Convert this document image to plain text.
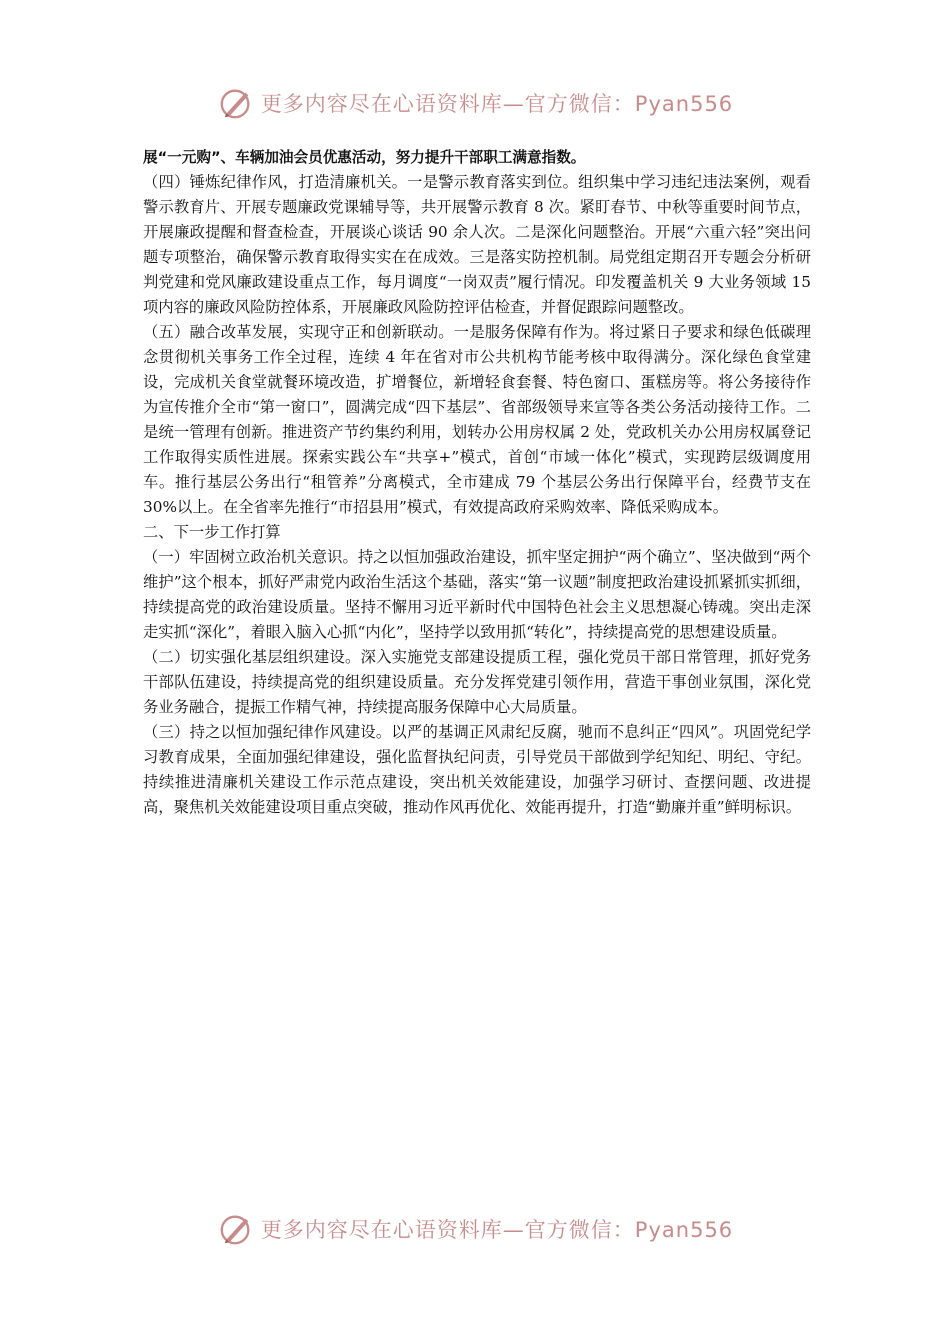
更多内容尽在心语资料库—官方微信：Pyan556

展“一元购”、车辆加油会员优惠活动，努力提升干部职工满意指数。

（四）锤炼纪律作风，打造清廉机关。一是警示教育落实到位。组织集中学习违纪违法案例，观看警示教育片、开展专题廉政党课辅导等，共开展警示教育 8 次。紧盯春节、中秋等重要时间节点，开展廉政提醒和督查检查，开展谈心谈话 90 余人次。二是深化问题整治。开展“六重六轻”突出问题专项整治，确保警示教育取得实实在在成效。三是落实防控机制。局党组定期召开专题会分析研判党建和党风廉政建设重点工作，每月调度“一岗双责”履行情况。印发覆盖机关 9 大业务领域 15 项内容的廉政风险防控体系，开展廉政风险防控评估检查，并督促跟踪问题整改。

（五）融合改革发展，实现守正和创新联动。一是服务保障有作为。将过紧日子要求和绿色低碳理念贯彻机关事务工作全过程，连续 4 年在省对市公共机构节能考核中取得满分。深化绿色食堂建设，完成机关食堂就餐环境改造，扩增餐位，新增轻食套餐、特色窗口、蛋糕房等。将公务接待作为宣传推介全市“第一窗口”，圆满完成“四下基层”、省部级领导来宣等各类公务活动接待工作。二是统一管理有创新。推进资产节约集约利用，划转办公用房权属 2 处，党政机关办公用房权属登记工作取得实质性进展。探索实践公车“共享+”模式，首创“市域一体化”模式，实现跨层级调度用车。推行基层公务出行“租管养”分离模式，全市建成 79 个基层公务出行保障平台，经费节支在 30%以上。在全省率先推行“市招县用”模式，有效提高政府采购效率、降低采购成本。

二、下一步工作打算

（一）牢固树立政治机关意识。持之以恒加强政治建设，抓牢坚定拥护“两个确立”、坚决做到“两个维护”这个根本，抓好严肃党内政治生活这个基础，落实“第一议题”制度把政治建设抓紧抓实抓细，持续提高党的政治建设质量。坚持不懈用习近平新时代中国特色社会主义思想凝心铸魂。突出走深走实抓“深化”，着眼入脑入心抓“内化”，坚持学以致用抓“转化”，持续提高党的思想建设质量。

（二）切实强化基层组织建设。深入实施党支部建设提质工程，强化党员干部日常管理，抓好党务干部队伍建设，持续提高党的组织建设质量。充分发挥党建引领作用，营造干事创业氛围，深化党务业务融合，提振工作精气神，持续提高服务保障中心大局质量。

（三）持之以恒加强纪律作风建设。以严的基调正风肃纪反腐，驰而不息纠正“四风”。巩固党纪学习教育成果，全面加强纪律建设，强化监督执纪问责，引导党员干部做到学纪知纪、明纪、守纪。持续推进清廉机关建设工作示范点建设，突出机关效能建设，加强学习研讨、查摆问题、改进提高，聚焦机关效能建设项目重点突破，推动作风再优化、效能再提升，打造“勤廉并重”鲜明标识。

更多内容尽在心语资料库—官方微信：Pyan556
